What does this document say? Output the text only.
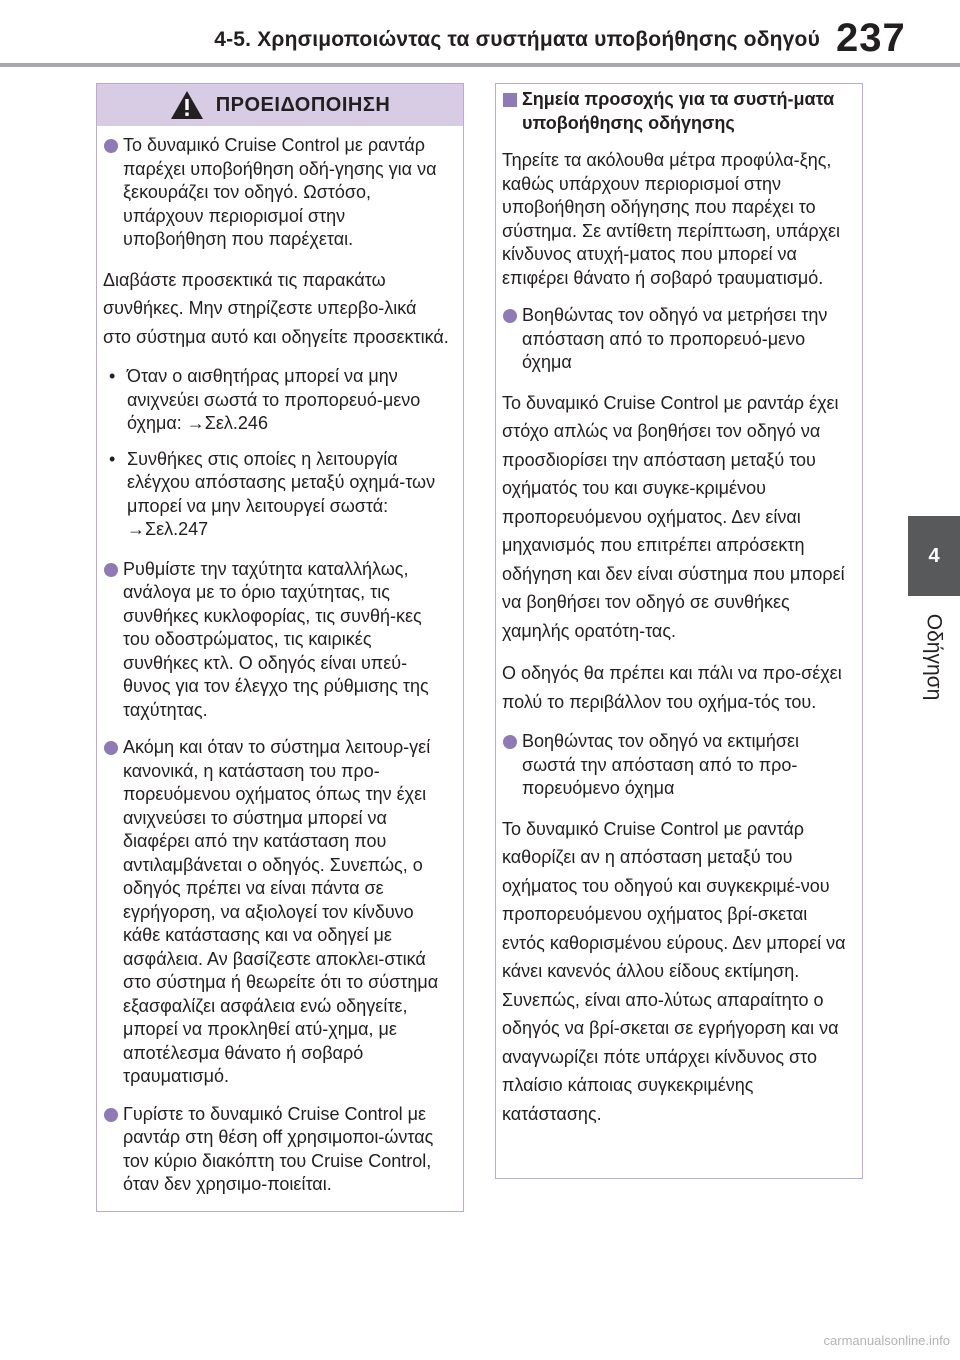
4-5. Χρησιμοποιώντας τα συστήματα υποβοήθησης οδηγού 237
4
Οδήγηση
ΠΡΟΕΙΔΟΠΟΙΗΣΗ
Το δυναμικό Cruise Control με ραντάρ παρέχει υποβοήθηση οδή-γησης για να ξεκουράζει τον οδηγό. Ωστόσο, υπάρχουν περιορισμοί στην υποβοήθηση που παρέχεται.
Διαβάστε προσεκτικά τις παρακάτω συνθήκες. Μην στηρίζεστε υπερβο-λικά στο σύστημα αυτό και οδηγείτε προσεκτικά.
• Όταν ο αισθητήρας μπορεί να μην ανιχνεύει σωστά το προπορευό-μενο όχημα: →Σελ.246
• Συνθήκες στις οποίες η λειτουργία ελέγχου απόστασης μεταξύ οχημά-των μπορεί να μην λειτουργεί σωστά: →Σελ.247
Ρυθμίστε την ταχύτητα καταλλήλως, ανάλογα με το όριο ταχύτητας, τις συνθήκες κυκλοφορίας, τις συνθή-κες του οδοστρώματος, τις καιρικές συνθήκες κτλ. Ο οδηγός είναι υπεύ-θυνος για τον έλεγχο της ρύθμισης της ταχύτητας.
Ακόμη και όταν το σύστημα λειτουρ-γεί κανονικά, η κατάσταση του προ-πορευόμενου οχήματος όπως την έχει ανιχνεύσει το σύστημα μπορεί να διαφέρει από την κατάσταση που αντιλαμβάνεται ο οδηγός. Συνεπώς, ο οδηγός πρέπει να είναι πάντα σε εγρήγορση, να αξιολογεί τον κίνδυνο κάθε κατάστασης και να οδηγεί με ασφάλεια. Αν βασίζεστε αποκλει-στικά στο σύστημα ή θεωρείτε ότι το σύστημα εξασφαλίζει ασφάλεια ενώ οδηγείτε, μπορεί να προκληθεί ατύ-χημα, με αποτέλεσμα θάνατο ή σοβαρό τραυματισμό.
Γυρίστε το δυναμικό Cruise Control με ραντάρ στη θέση off χρησιμοποι-ώντας τον κύριο διακόπτη του Cruise Control, όταν δεν χρησιμο-ποιείται.
Σημεία προσοχής για τα συστή-ματα υποβοήθησης οδήγησης
Τηρείτε τα ακόλουθα μέτρα προφύλα-ξης, καθώς υπάρχουν περιορισμοί στην υποβοήθηση οδήγησης που παρέχει το σύστημα. Σε αντίθετη περίπτωση, υπάρχει κίνδυνος ατυχή-ματος που μπορεί να επιφέρει θάνατο ή σοβαρό τραυματισμό.
Βοηθώντας τον οδηγό να μετρήσει την απόσταση από το προπορευό-μενο όχημα
Το δυναμικό Cruise Control με ραντάρ έχει στόχο απλώς να βοηθήσει τον οδηγό να προσδιορίσει την απόσταση μεταξύ του οχήματός του και συγκε-κριμένου προπορευόμενου οχήματος. Δεν είναι μηχανισμός που επιτρέπει απρόσεκτη οδήγηση και δεν είναι σύστημα που μπορεί να βοηθήσει τον οδηγό σε συνθήκες χαμηλής ορατότη-τας.
Ο οδηγός θα πρέπει και πάλι να προ-σέχει πολύ το περιβάλλον του οχήμα-τός του.
Βοηθώντας τον οδηγό να εκτιμήσει σωστά την απόσταση από το προ-πορευόμενο όχημα
Το δυναμικό Cruise Control με ραντάρ καθορίζει αν η απόσταση μεταξύ του οχήματος του οδηγού και συγκεκριμέ-νου προπορευόμενου οχήματος βρί-σκεται εντός καθορισμένου εύρους. Δεν μπορεί να κάνει κανενός άλλου είδους εκτίμηση. Συνεπώς, είναι απο-λύτως απαραίτητο ο οδηγός να βρί-σκεται σε εγρήγορση και να αναγνωρίζει πότε υπάρχει κίνδυνος στο πλαίσιο κάποιας συγκεκριμένης κατάστασης.
carmanualsonline.info
